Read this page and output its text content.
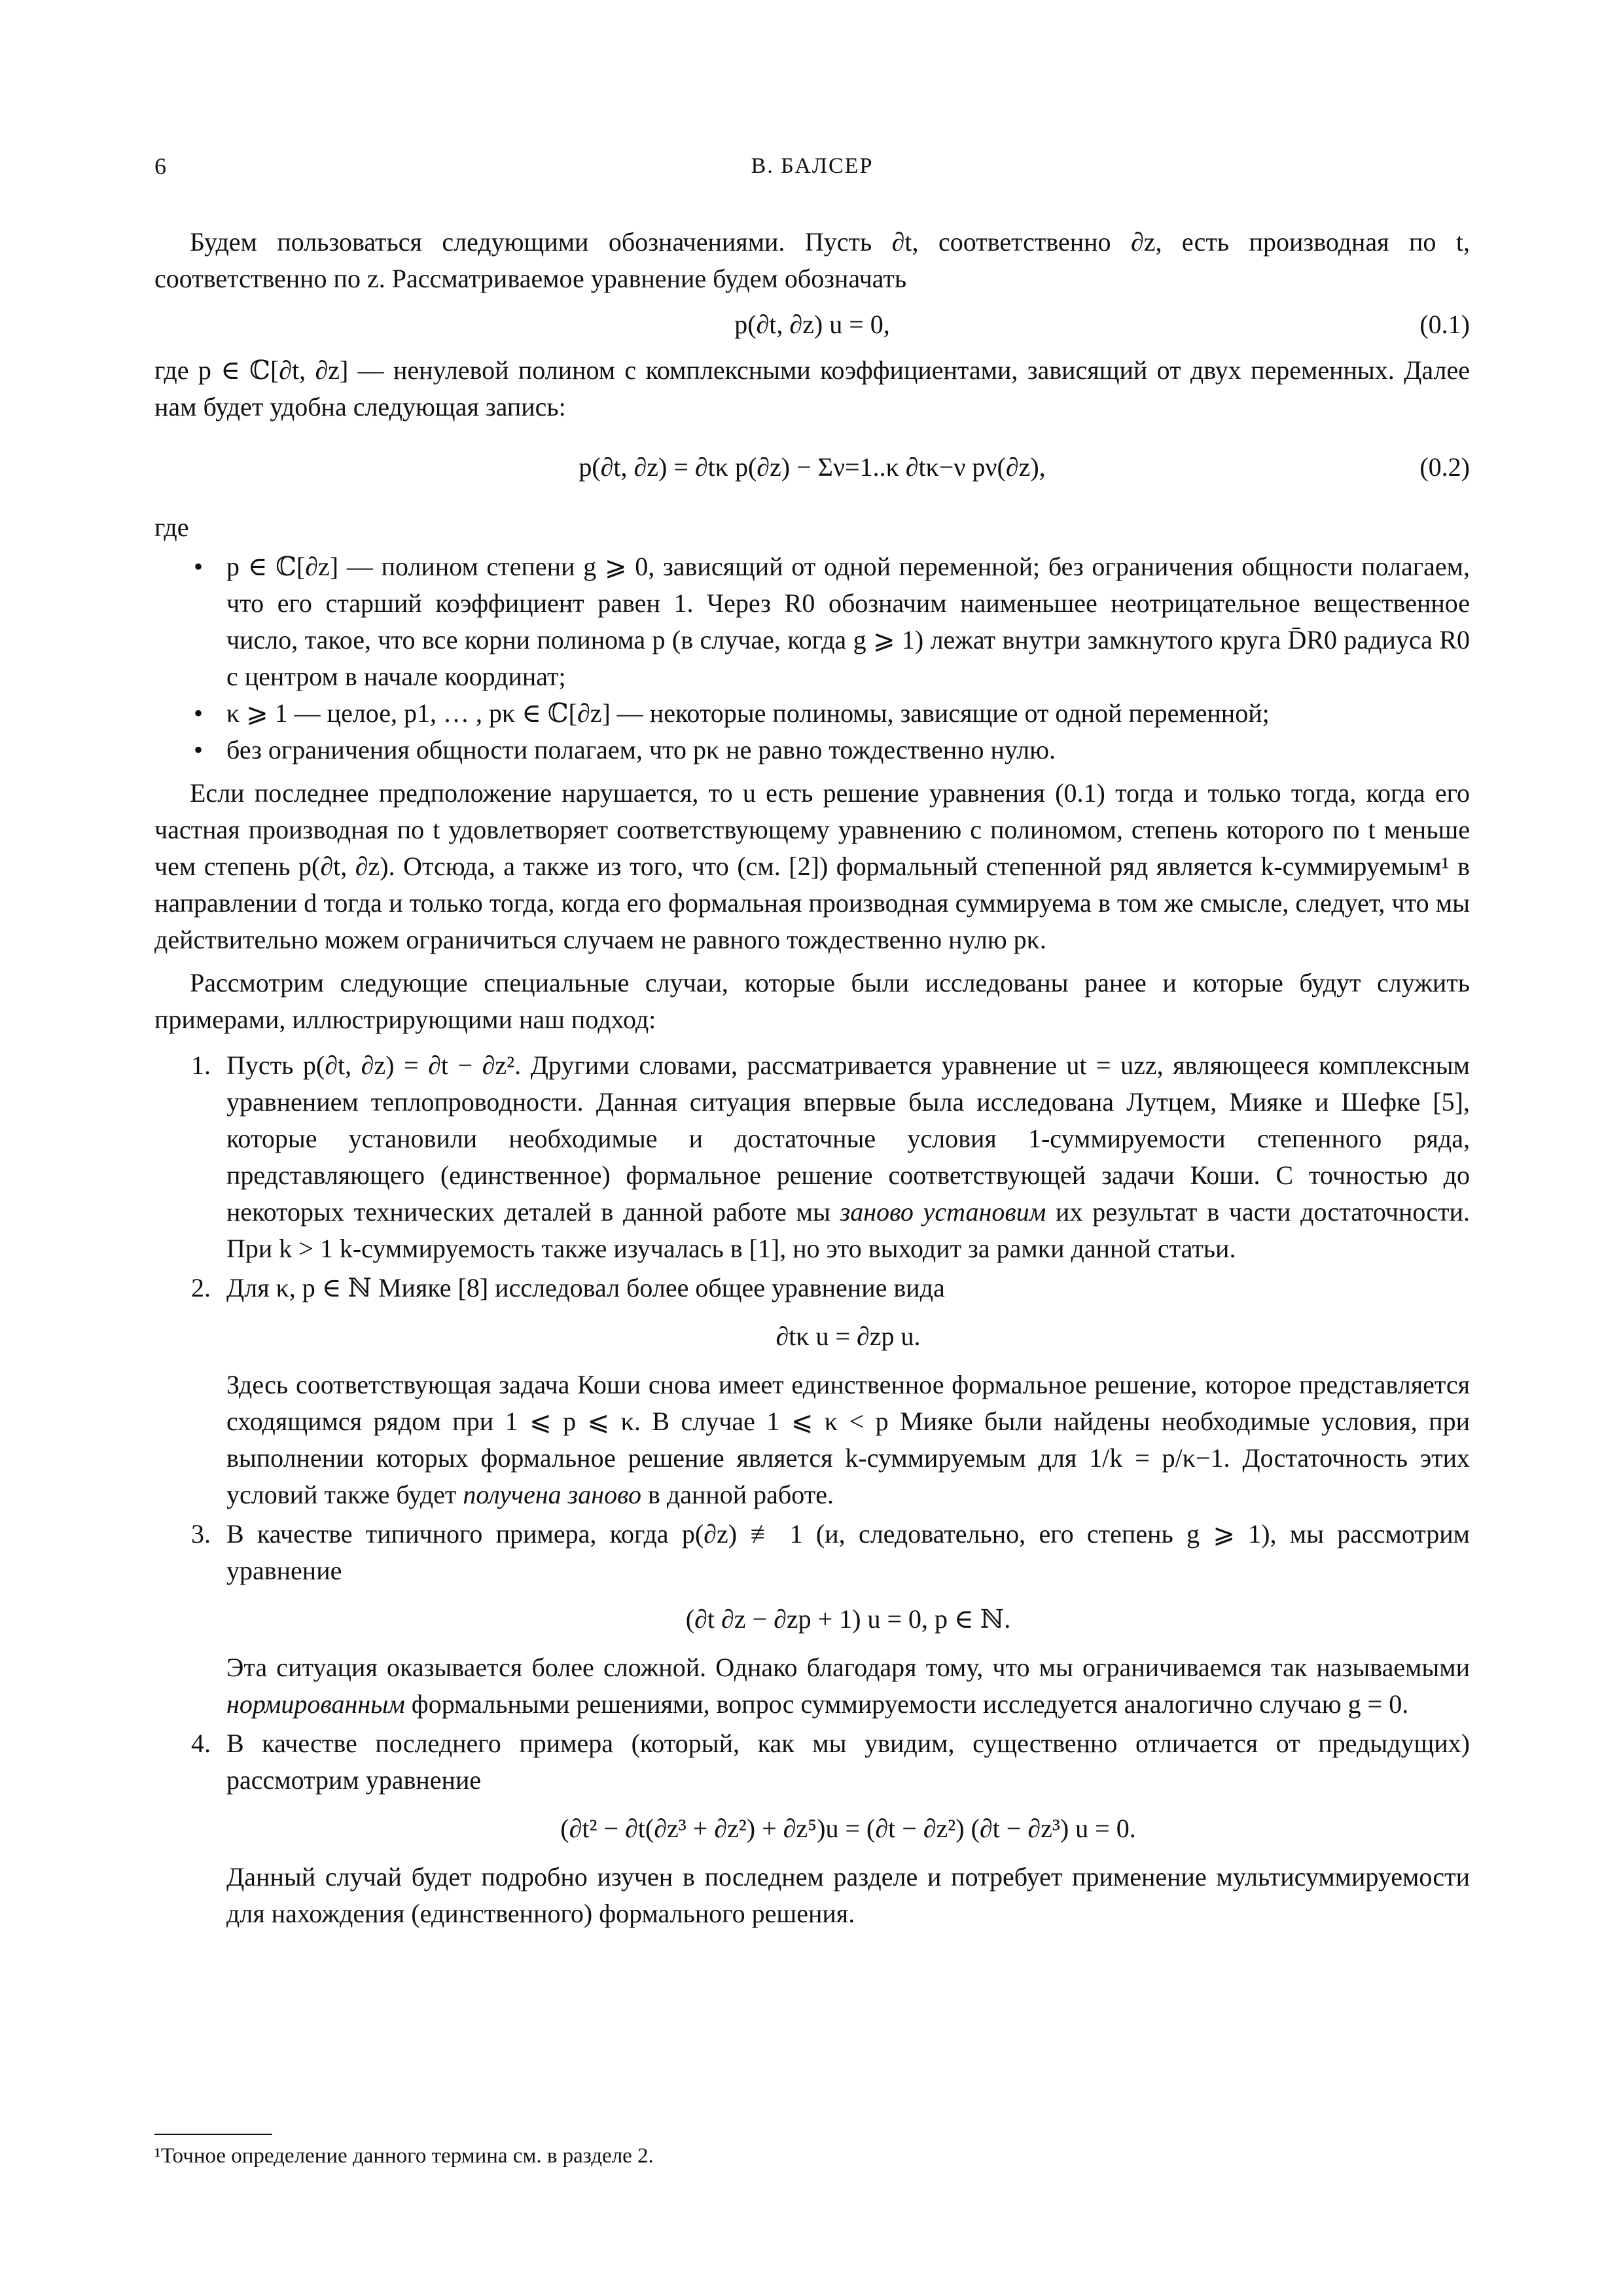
6	В. БАЛСЕР

Будем пользоваться следующими обозначениями. Пусть ∂t, соответственно ∂z, есть производная по t, соответственно по z. Рассматриваемое уравнение будем обозначать

p(∂t, ∂z) u = 0,	(0.1)

где p ∈ ℂ[∂t, ∂z] — ненулевой полином с комплексными коэффициентами, зависящий от двух переменных. Далее нам будет удобна следующая запись:

p(∂t, ∂z) = ∂tκ p(∂z) − Σν=1..κ ∂tκ−ν pν(∂z),	(0.2)

где

• p ∈ ℂ[∂z] — полином степени g ⩾ 0, зависящий от одной переменной; без ограничения общности полагаем, что его старший коэффициент равен 1. Через R0 обозначим наименьшее неотрицательное вещественное число, такое, что все корни полинома p (в случае, когда g ⩾ 1) лежат внутри замкнутого круга D̄R0 радиуса R0 с центром в начале координат;
• κ ⩾ 1 — целое, p1, … , pκ ∈ ℂ[∂z] — некоторые полиномы, зависящие от одной переменной;
• без ограничения общности полагаем, что pκ не равно тождественно нулю.

Если последнее предположение нарушается, то u есть решение уравнения (0.1) тогда и только тогда, когда его частная производная по t удовлетворяет соответствующему уравнению с полиномом, степень которого по t меньше чем степень p(∂t, ∂z). Отсюда, а также из того, что (см. [2]) формальный степенной ряд является k-суммируемым¹ в направлении d тогда и только тогда, когда его формальная производная суммируема в том же смысле, следует, что мы действительно можем ограничиться случаем не равного тождественно нулю pκ.

Рассмотрим следующие специальные случаи, которые были исследованы ранее и которые будут служить примерами, иллюстрирующими наш подход:

1. Пусть p(∂t, ∂z) = ∂t − ∂z². Другими словами, рассматривается уравнение ut = uzz, являющееся комплексным уравнением теплопроводности. Данная ситуация впервые была исследована Лутцем, Мияке и Шефке [5], которые установили необходимые и достаточные условия 1-суммируемости степенного ряда, представляющего (единственное) формальное решение соответствующей задачи Коши. С точностью до некоторых технических деталей в данной работе мы заново установим их результат в части достаточности. При k > 1 k-суммируемость также изучалась в [1], но это выходит за рамки данной статьи.
2. Для κ, p ∈ ℕ Мияке [8] исследовал более общее уравнение вида

∂tκ u = ∂zp u.

Здесь соответствующая задача Коши снова имеет единственное формальное решение, которое представляется сходящимся рядом при 1 ⩽ p ⩽ κ. В случае 1 ⩽ κ < p Мияке были найдены необходимые условия, при выполнении которых формальное решение является k-суммируемым для 1/k = p/κ−1. Достаточность этих условий также будет получена заново в данной работе.

3. В качестве типичного примера, когда p(∂z) ≢ 1 (и, следовательно, его степень g ⩾ 1), мы рассмотрим уравнение

(∂t ∂z − ∂zp + 1) u = 0, p ∈ ℕ.

Эта ситуация оказывается более сложной. Однако благодаря тому, что мы ограничиваемся так называемыми нормированным формальными решениями, вопрос суммируемости исследуется аналогично случаю g = 0.

4. В качестве последнего примера (который, как мы увидим, существенно отличается от предыдущих) рассмотрим уравнение

(∂t² − ∂t(∂z³ + ∂z²) + ∂z⁵)u = (∂t − ∂z²) (∂t − ∂z³) u = 0.

Данный случай будет подробно изучен в последнем разделе и потребует применение мультисуммируемости для нахождения (единственного) формального решения.

¹Точное определение данного термина см. в разделе 2.
